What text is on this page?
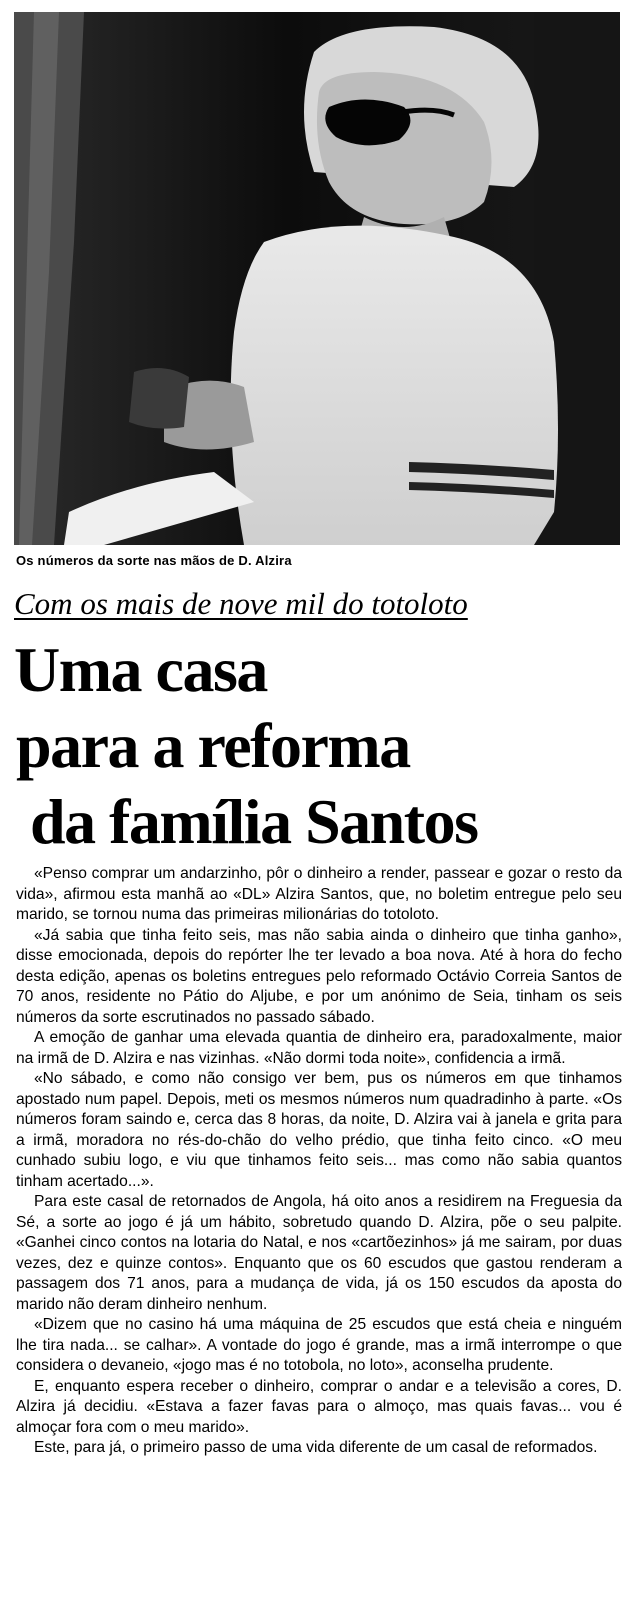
Os números da sorte nas mãos de D. Alzira
Com os mais de nove mil do totoloto
Uma casa
para a reforma
da família Santos

«Penso comprar um andarzinho, pôr o dinheiro a render, passear e gozar o resto da vida», afirmou esta manhã ao «DL» Alzira Santos, que, no boletim entregue pelo seu marido, se tornou numa das primeiras milionárias do totoloto.

«Já sabia que tinha feito seis, mas não sabia ainda o dinheiro que tinha ganho», disse emocionada, depois do repórter lhe ter levado a boa nova. Até à hora do fecho desta edição, apenas os boletins entregues pelo reformado Octávio Correia Santos de 70 anos, residente no Pátio do Aljube, e por um anónimo de Seia, tinham os seis números da sorte escrutinados no passado sábado.

A emoção de ganhar uma elevada quantia de dinheiro era, paradoxalmente, maior na irmã de D. Alzira e nas vizinhas. «Não dormi toda noite», confidencia a irmã.

«No sábado, e como não consigo ver bem, pus os números em que tinhamos apostado num papel. Depois, meti os mesmos números num quadradinho à parte. «Os números foram saindo e, cerca das 8 horas, da noite, D. Alzira vai à janela e grita para a irmã, moradora no rés-do-chão do velho prédio, que tinha feito cinco. «O meu cunhado subiu logo, e viu que tinhamos feito seis... mas como não sabia quantos tinham acertado...».

Para este casal de retornados de Angola, há oito anos a residirem na Freguesia da Sé, a sorte ao jogo é já um hábito, sobretudo quando D. Alzira, põe o seu palpite. «Ganhei cinco contos na lotaria do Natal, e nos «cartõezinhos» já me sairam, por duas vezes, dez e quinze contos». Enquanto que os 60 escudos que gastou renderam a passagem dos 71 anos, para a mudança de vida, já os 150 escudos da aposta do marido não deram dinheiro nenhum.

«Dizem que no casino há uma máquina de 25 escudos que está cheia e ninguém lhe tira nada... se calhar». A vontade do jogo é grande, mas a irmã interrompe o que considera o devaneio, «jogo mas é no totobola, no loto», aconselha prudente.

E, enquanto espera receber o dinheiro, comprar o andar e a televisão a cores, D. Alzira já decidiu. «Estava a fazer favas para o almoço, mas quais favas... vou é almoçar fora com o meu marido».

Este, para já, o primeiro passo de uma vida diferente de um casal de reformados.
